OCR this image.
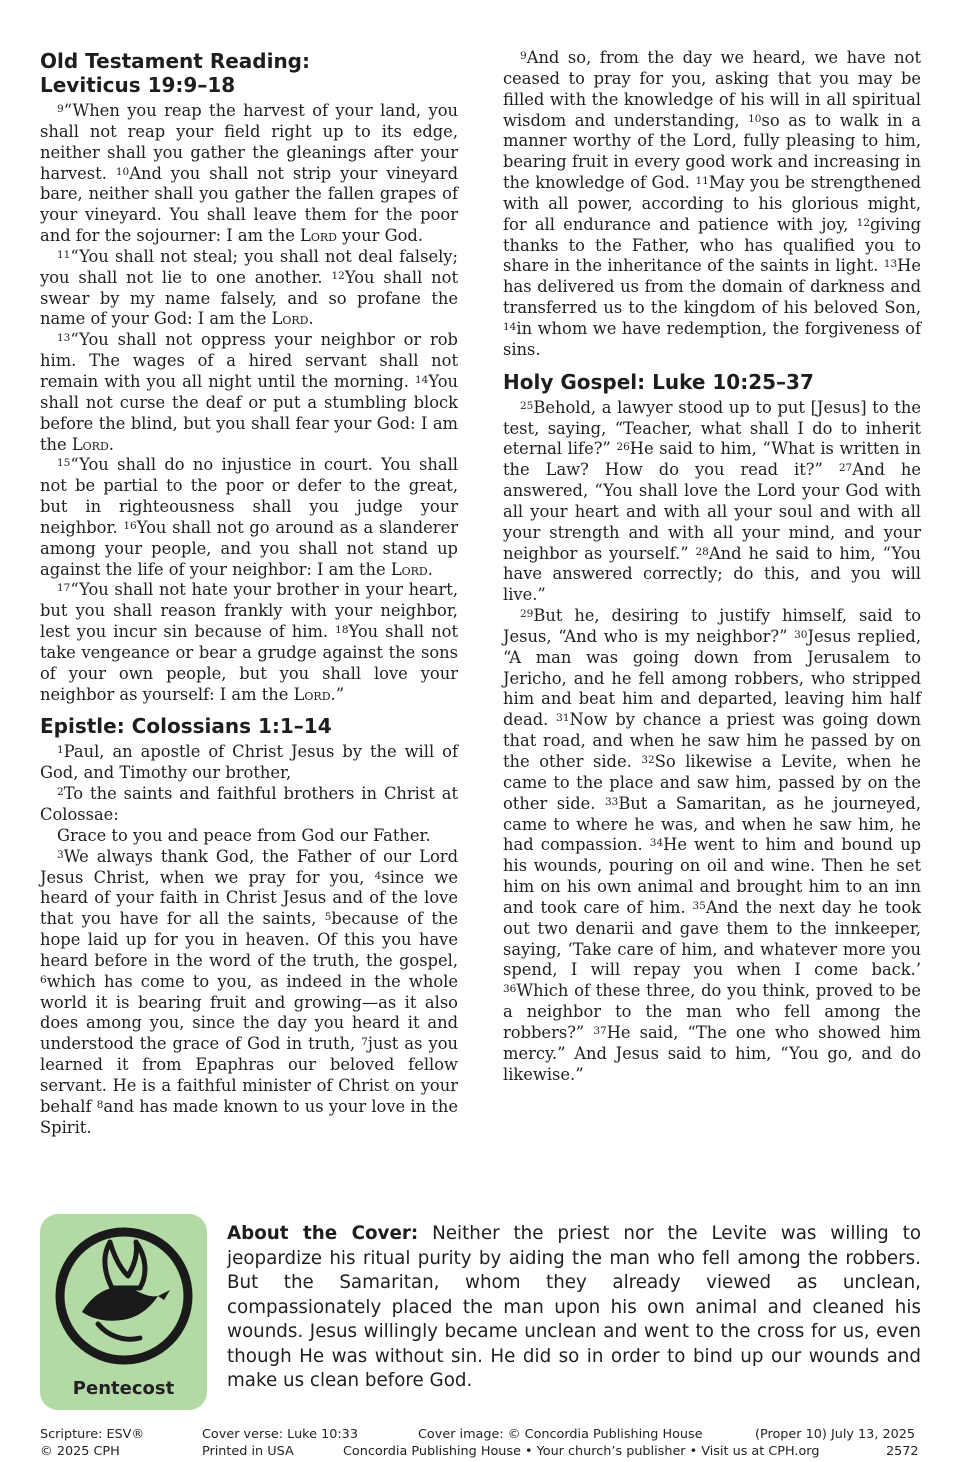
Old Testament Reading:
Leviticus 19:9–18

$^9$“When you reap the harvest of your land, you shall not reap your field right up to its edge, neither shall you gather the gleanings after your harvest. $^{10}$And you shall not strip your vineyard bare, neither shall you gather the fallen grapes of your vineyard. You shall leave them for the poor and for the sojourner: I am the Lord your God.

$^{11}$“You shall not steal; you shall not deal falsely; you shall not lie to one another. $^{12}$You shall not swear by my name falsely, and so profane the name of your God: I am the Lord.

$^{13}$“You shall not oppress your neighbor or rob him. The wages of a hired servant shall not remain with you all night until the morning. $^{14}$You shall not curse the deaf or put a stumbling block before the blind, but you shall fear your God: I am the Lord.

$^{15}$“You shall do no injustice in court. You shall not be partial to the poor or defer to the great, but in righteousness shall you judge your neighbor. $^{16}$You shall not go around as a slanderer among your people, and you shall not stand up against the life of your neighbor: I am the Lord.

$^{17}$“You shall not hate your brother in your heart, but you shall reason frankly with your neighbor, lest you incur sin because of him. $^{18}$You shall not take vengeance or bear a grudge against the sons of your own people, but you shall love your neighbor as yourself: I am the Lord.”

Epistle: Colossians 1:1–14

$^1$Paul, an apostle of Christ Jesus by the will of God, and Timothy our brother,

$^2$To the saints and faithful brothers in Christ at Colossae:

Grace to you and peace from God our Father.

$^3$We always thank God, the Father of our Lord Jesus Christ, when we pray for you, $^4$since we heard of your faith in Christ Jesus and of the love that you have for all the saints, $^5$because of the hope laid up for you in heaven. Of this you have heard before in the word of the truth, the gospel, $^6$which has come to you, as indeed in the whole world it is bearing fruit and growing—as it also does among you, since the day you heard it and understood the grace of God in truth, $^7$just as you learned it from Epaphras our beloved fellow servant. He is a faithful minister of Christ on your behalf $^8$and has made known to us your love in the Spirit.

$^9$And so, from the day we heard, we have not ceased to pray for you, asking that you may be filled with the knowledge of his will in all spiritual wisdom and understanding, $^{10}$so as to walk in a manner worthy of the Lord, fully pleasing to him, bearing fruit in every good work and increasing in the knowledge of God. $^{11}$May you be strengthened with all power, according to his glorious might, for all endurance and patience with joy, $^{12}$giving thanks to the Father, who has qualified you to share in the inheritance of the saints in light. $^{13}$He has delivered us from the domain of darkness and transferred us to the kingdom of his beloved Son, $^{14}$in whom we have redemption, the forgiveness of sins.

Holy Gospel: Luke 10:25–37

$^{25}$Behold, a lawyer stood up to put [Jesus] to the test, saying, “Teacher, what shall I do to inherit eternal life?” $^{26}$He said to him, “What is written in the Law? How do you read it?” $^{27}$And he answered, “You shall love the Lord your God with all your heart and with all your soul and with all your strength and with all your mind, and your neighbor as yourself.” $^{28}$And he said to him, “You have answered correctly; do this, and you will live.”

$^{29}$But he, desiring to justify himself, said to Jesus, “And who is my neighbor?” $^{30}$Jesus replied, “A man was going down from Jerusalem to Jericho, and he fell among robbers, who stripped him and beat him and departed, leaving him half dead. $^{31}$Now by chance a priest was going down that road, and when he saw him he passed by on the other side. $^{32}$So likewise a Levite, when he came to the place and saw him, passed by on the other side. $^{33}$But a Samaritan, as he journeyed, came to where he was, and when he saw him, he had compassion. $^{34}$He went to him and bound up his wounds, pouring on oil and wine. Then he set him on his own animal and brought him to an inn and took care of him. $^{35}$And the next day he took out two denarii and gave them to the innkeeper, saying, ‘Take care of him, and whatever more you spend, I will repay you when I come back.’ $^{36}$Which of these three, do you think, proved to be a neighbor to the man who fell among the robbers?” $^{37}$He said, “The one who showed him mercy.” And Jesus said to him, “You go, and do likewise.”

Pentecost
About the Cover: Neither the priest nor the Levite was willing to jeopardize his ritual purity by aiding the man who fell among the robbers. But the Samaritan, whom they already viewed as unclean, compassionately placed the man upon his own animal and cleaned his wounds. Jesus willingly became unclean and went to the cross for us, even though He was without sin. He did so in order to bind up our wounds and make us clean before God.
Scripture: ESV®
© 2025 CPH
Cover verse: Luke 10:33
Printed in USA
Cover image: © Concordia Publishing House
Concordia Publishing House • Your church’s publisher • Visit us at CPH.org
(Proper 10) July 13, 2025
2572
